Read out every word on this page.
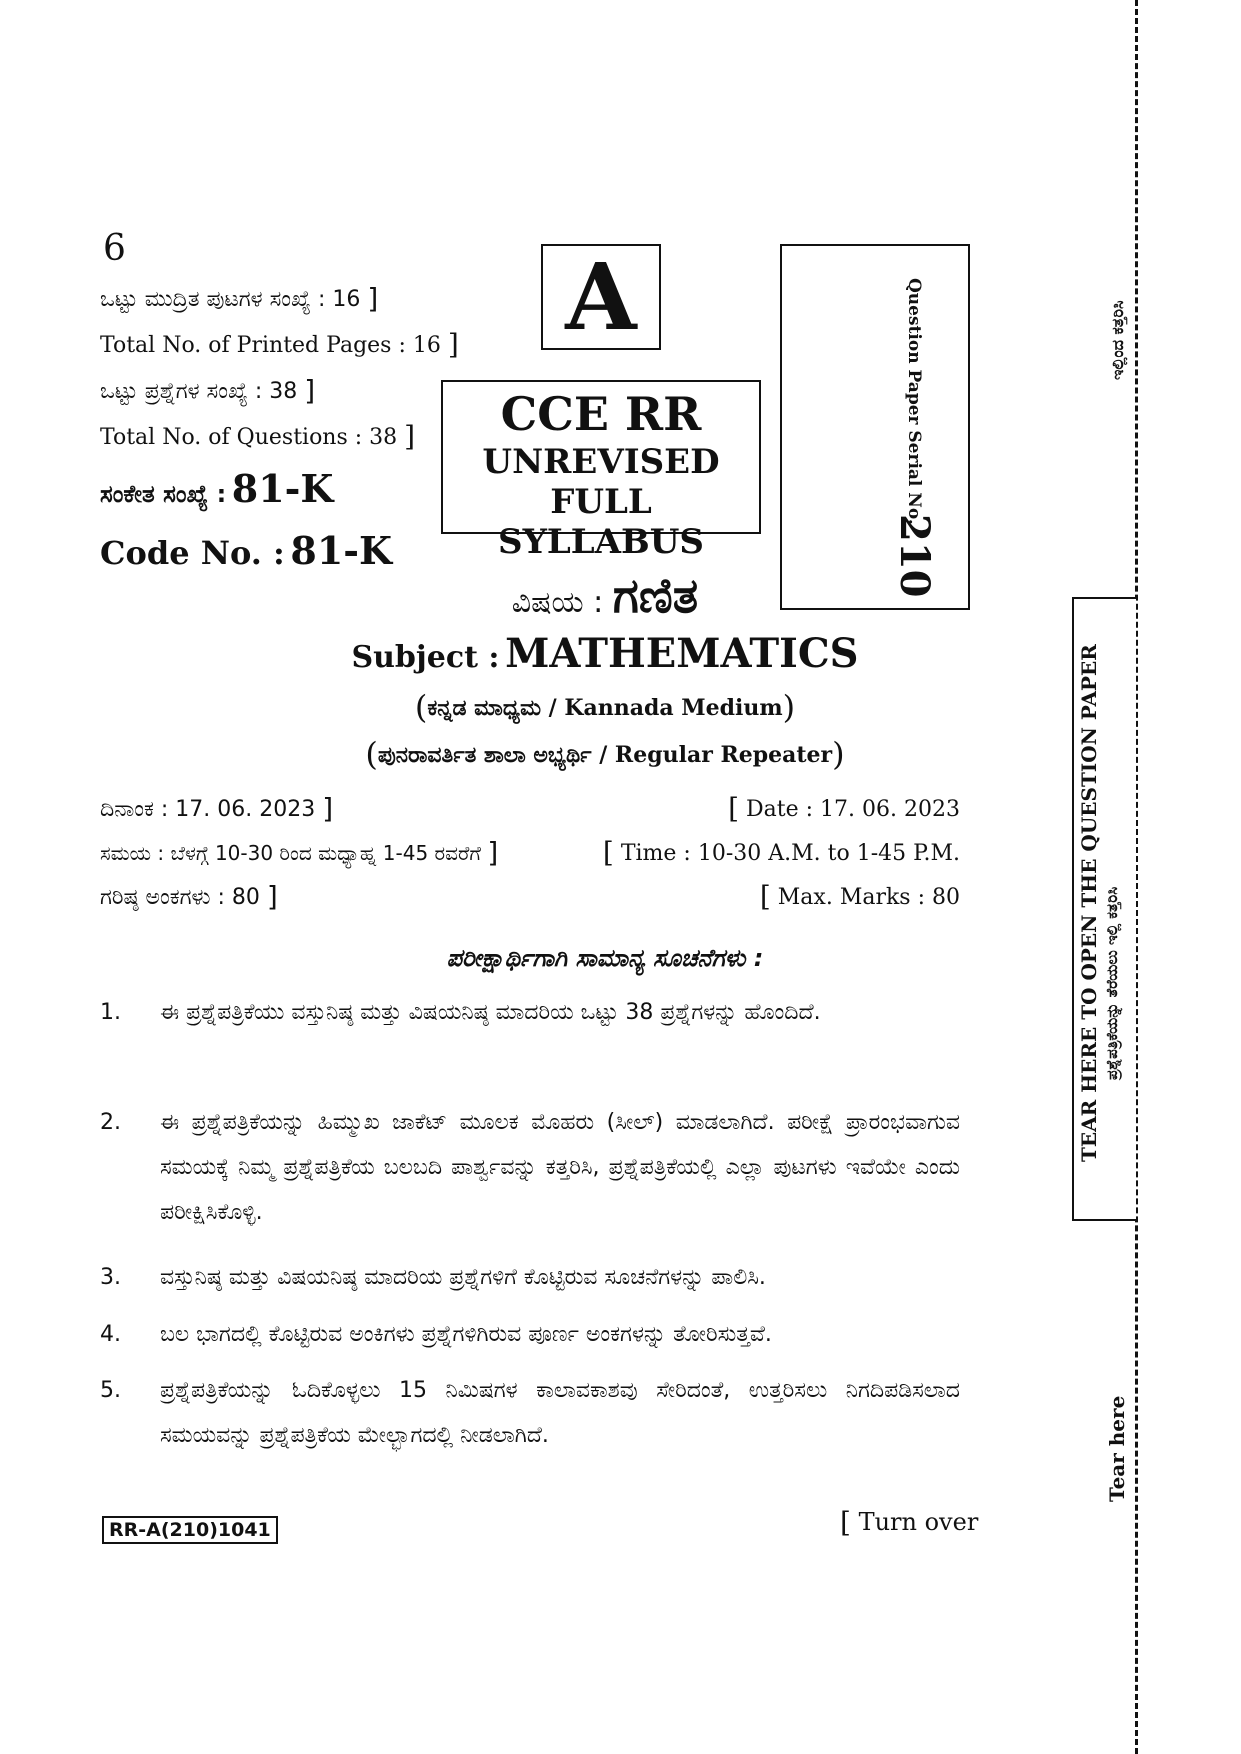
6
ಒಟ್ಟು ಮುದ್ರಿತ ಪುಟಗಳ ಸಂಖ್ಯೆ : 16 ]
Total No. of Printed Pages : 16 ]
ಒಟ್ಟು ಪ್ರಶ್ನೆಗಳ ಸಂಖ್ಯೆ : 38 ]
Total No. of Questions : 38 ]
ಸಂಕೇತ ಸಂಖ್ಯೆ : 81-K
Code No. : 81-K
A
CCE RR
UNREVISED
FULL SYLLABUS
Question Paper Serial No.
210
ವಿಷಯ : ಗಣಿತ
Subject : MATHEMATICS
(ಕನ್ನಡ ಮಾಧ್ಯಮ / Kannada Medium)
(ಪುನರಾವರ್ತಿತ ಶಾಲಾ ಅಭ್ಯರ್ಥಿ / Regular Repeater)
ದಿನಾಂಕ : 17. 06. 2023 ]	[ Date : 17. 06. 2023
ಸಮಯ : ಬೆಳಗ್ಗೆ 10-30 ರಿಂದ ಮಧ್ಯಾಹ್ನ 1-45 ರವರೆಗೆ ]	[ Time : 10-30 A.M. to 1-45 P.M.
ಗರಿಷ್ಠ ಅಂಕಗಳು : 80 ]	[ Max. Marks : 80
ಪರೀಕ್ಷಾರ್ಥಿಗಾಗಿ ಸಾಮಾನ್ಯ ಸೂಚನೆಗಳು :
1. ಈ ಪ್ರಶ್ನೆಪತ್ರಿಕೆಯು ವಸ್ತುನಿಷ್ಠ ಮತ್ತು ವಿಷಯನಿಷ್ಠ ಮಾದರಿಯ ಒಟ್ಟು 38 ಪ್ರಶ್ನೆಗಳನ್ನು ಹೊಂದಿದೆ.
2. ಈ ಪ್ರಶ್ನೆಪತ್ರಿಕೆಯನ್ನು ಹಿಮ್ಮುಖ ಜಾಕೆಟ್ ಮೂಲಕ ಮೊಹರು (ಸೀಲ್) ಮಾಡಲಾಗಿದೆ. ಪರೀಕ್ಷೆ ಪ್ರಾರಂಭವಾಗುವ ಸಮಯಕ್ಕೆ ನಿಮ್ಮ ಪ್ರಶ್ನೆಪತ್ರಿಕೆಯ ಬಲಬದಿ ಪಾರ್ಶ್ವವನ್ನು ಕತ್ತರಿಸಿ, ಪ್ರಶ್ನೆಪತ್ರಿಕೆಯಲ್ಲಿ ಎಲ್ಲಾ ಪುಟಗಳು ಇವೆಯೇ ಎಂದು ಪರೀಕ್ಷಿಸಿಕೊಳ್ಳಿ.
3. ವಸ್ತುನಿಷ್ಠ ಮತ್ತು ವಿಷಯನಿಷ್ಠ ಮಾದರಿಯ ಪ್ರಶ್ನೆಗಳಿಗೆ ಕೊಟ್ಟಿರುವ ಸೂಚನೆಗಳನ್ನು ಪಾಲಿಸಿ.
4. ಬಲ ಭಾಗದಲ್ಲಿ ಕೊಟ್ಟಿರುವ ಅಂಕಿಗಳು ಪ್ರಶ್ನೆಗಳಿಗಿರುವ ಪೂರ್ಣ ಅಂಕಗಳನ್ನು ತೋರಿಸುತ್ತವೆ.
5. ಪ್ರಶ್ನೆಪತ್ರಿಕೆಯನ್ನು ಓದಿಕೊಳ್ಳಲು 15 ನಿಮಿಷಗಳ ಕಾಲಾವಕಾಶವು ಸೇರಿದಂತೆ, ಉತ್ತರಿಸಲು ನಿಗದಿಪಡಿಸಲಾದ ಸಮಯವನ್ನು ಪ್ರಶ್ನೆಪತ್ರಿಕೆಯ ಮೇಲ್ಭಾಗದಲ್ಲಿ ನೀಡಲಾಗಿದೆ.
RR-A(210)1041	[ Turn over
TEAR HERE TO OPEN THE QUESTION PAPER ಪ್ರಶ್ನೆಪತ್ರಿಕೆಯನ್ನು ತೆರೆಯಲು ಇಲ್ಲಿ ಕತ್ತರಿಸಿ
ಇಲ್ಲಿಂದ ಕತ್ತರಿಸಿ
Tear here
